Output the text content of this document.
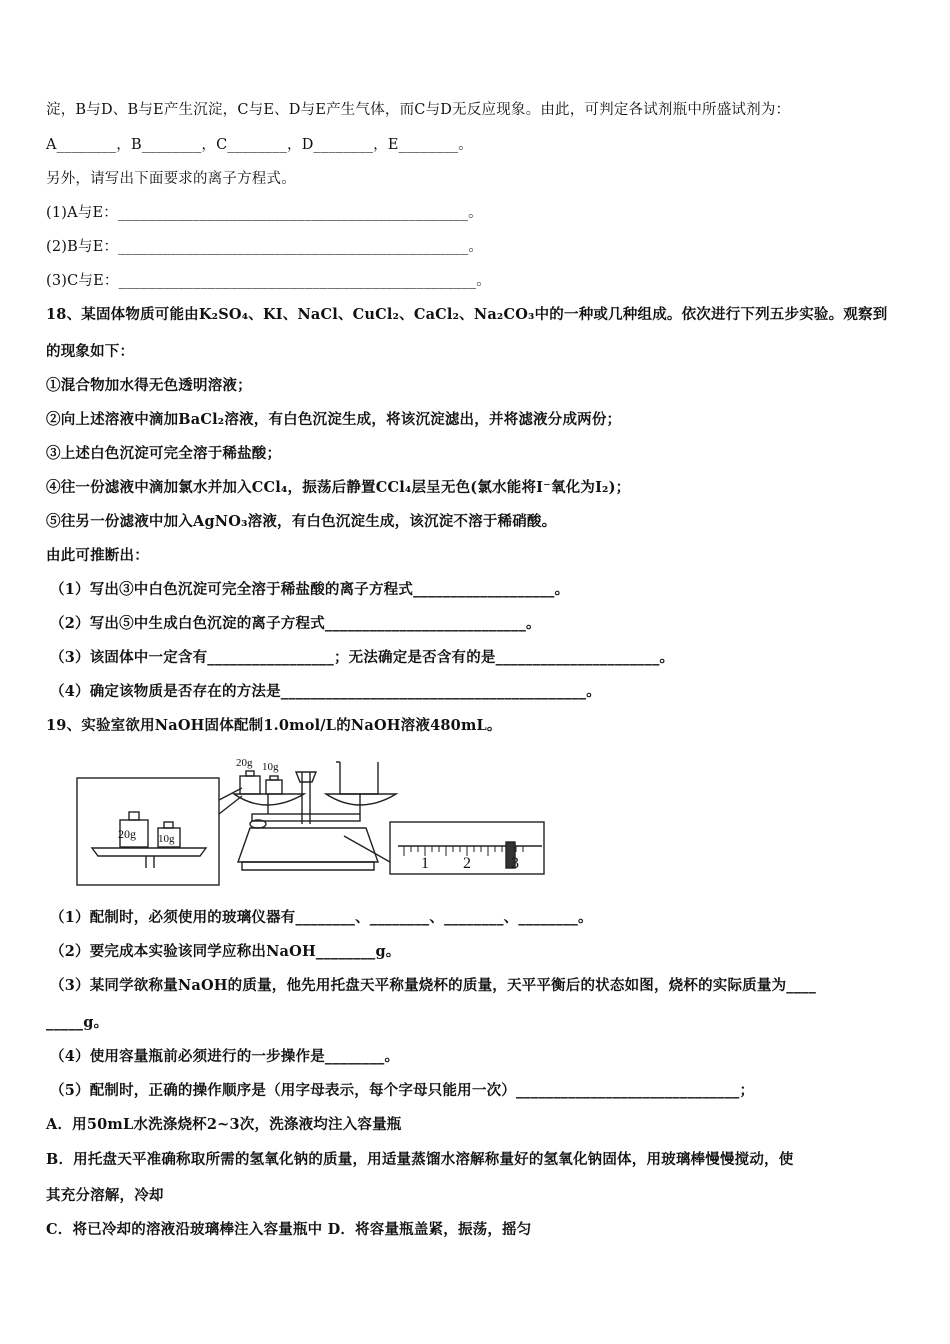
淀，B与D、B与E产生沉淀，C与E、D与E产生气体，而C与D无反应现象。由此，可判定各试剂瓶中所盛试剂为：
A________，B________，C________，D________，E________。
另外，请写出下面要求的离子方程式。
(1)A与E：_______________________________________________。
(2)B与E：_______________________________________________。
(3)C与E：________________________________________________。
18、某固体物质可能由K₂SO₄、KI、NaCl、CuCl₂、CaCl₂、Na₂CO₃中的一种或几种组成。依次进行下列五步实验。观察到
的现象如下：
①混合物加水得无色透明溶液；
②向上述溶液中滴加BaCl₂溶液，有白色沉淀生成，将该沉淀滤出，并将滤液分成两份；
③上述白色沉淀可完全溶于稀盐酸；
④往一份滤液中滴加氯水并加入CCl₄，振荡后静置CCl₄层呈无色(氯水能将I⁻氧化为I₂)；
⑤往另一份滤液中加入AgNO₃溶液，有白色沉淀生成，该沉淀不溶于稀硝酸。
由此可推断出：
（1）写出③中白色沉淀可完全溶于稀盐酸的离子方程式___________________。
（2）写出⑤中生成白色沉淀的离子方程式___________________________。
（3）该固体中一定含有_________________；无法确定是否含有的是______________________。
（4）确定该物质是否存在的方法是_________________________________________。
19、实验室欲用NaOH固体配制1.0mol/L的NaOH溶液480mL。
20g 10g
20g 10g
1 2	3
（1）配制时，必须使用的玻璃仪器有________、________、________、________。
（2）要完成本实验该同学应称出NaOH________g。
（3）某同学欲称量NaOH的质量，他先用托盘天平称量烧杯的质量，天平平衡后的状态如图，烧杯的实际质量为____
_____g。
（4）使用容量瓶前必须进行的一步操作是________。
（5）配制时，正确的操作顺序是（用字母表示，每个字母只能用一次）______________________________；
A．用50mL水洗涤烧杯2~3次，洗涤液均注入容量瓶
B．用托盘天平准确称取所需的氢氧化钠的质量，用适量蒸馏水溶解称量好的氢氧化钠固体，用玻璃棒慢慢搅动，使
其充分溶解，冷却
C．将已冷却的溶液沿玻璃棒注入容量瓶中 D．将容量瓶盖紧，振荡，摇匀
